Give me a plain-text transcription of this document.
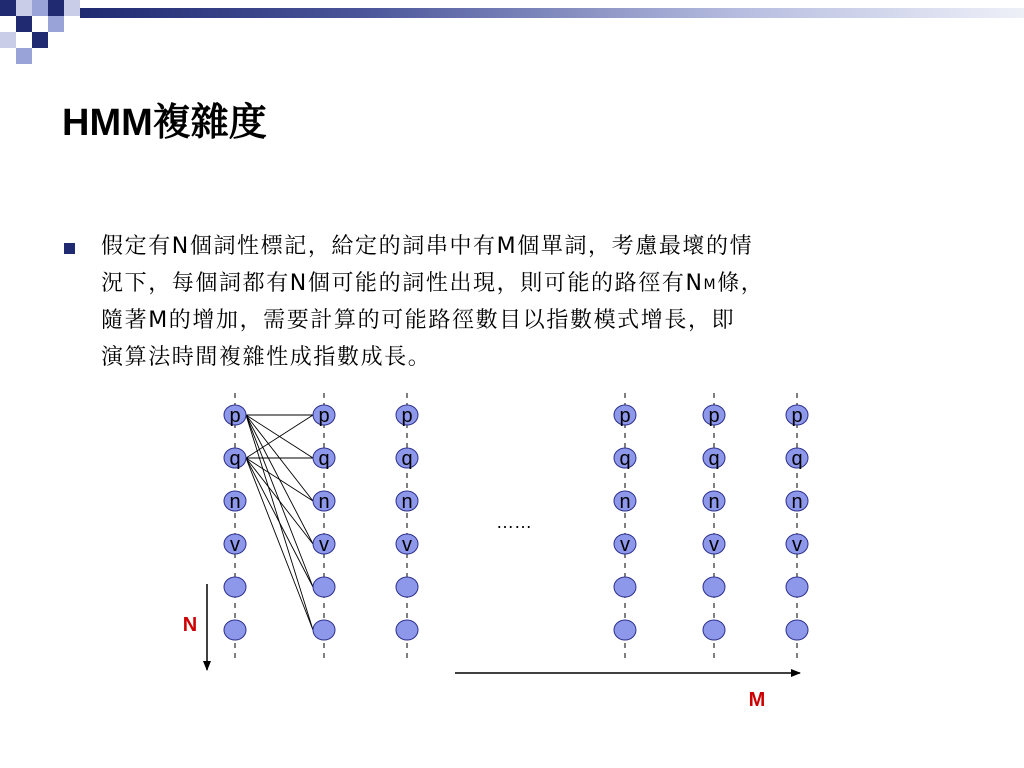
HMM複雜度
假定有N個詞性標記，給定的詞串中有M個單詞，考慮最壞的情
況下，每個詞都有N個可能的詞性出現，則可能的路徑有$N^M$條，
隨著M的增加，需要計算的可能路徑數目以指數模式增長，即
演算法時間複雜性成指數成長。
p
q
n
v
p
q
n
v
p
q
n
v
p
q
n
v
p
q
n
v
p
q
n
v
……
N
M
